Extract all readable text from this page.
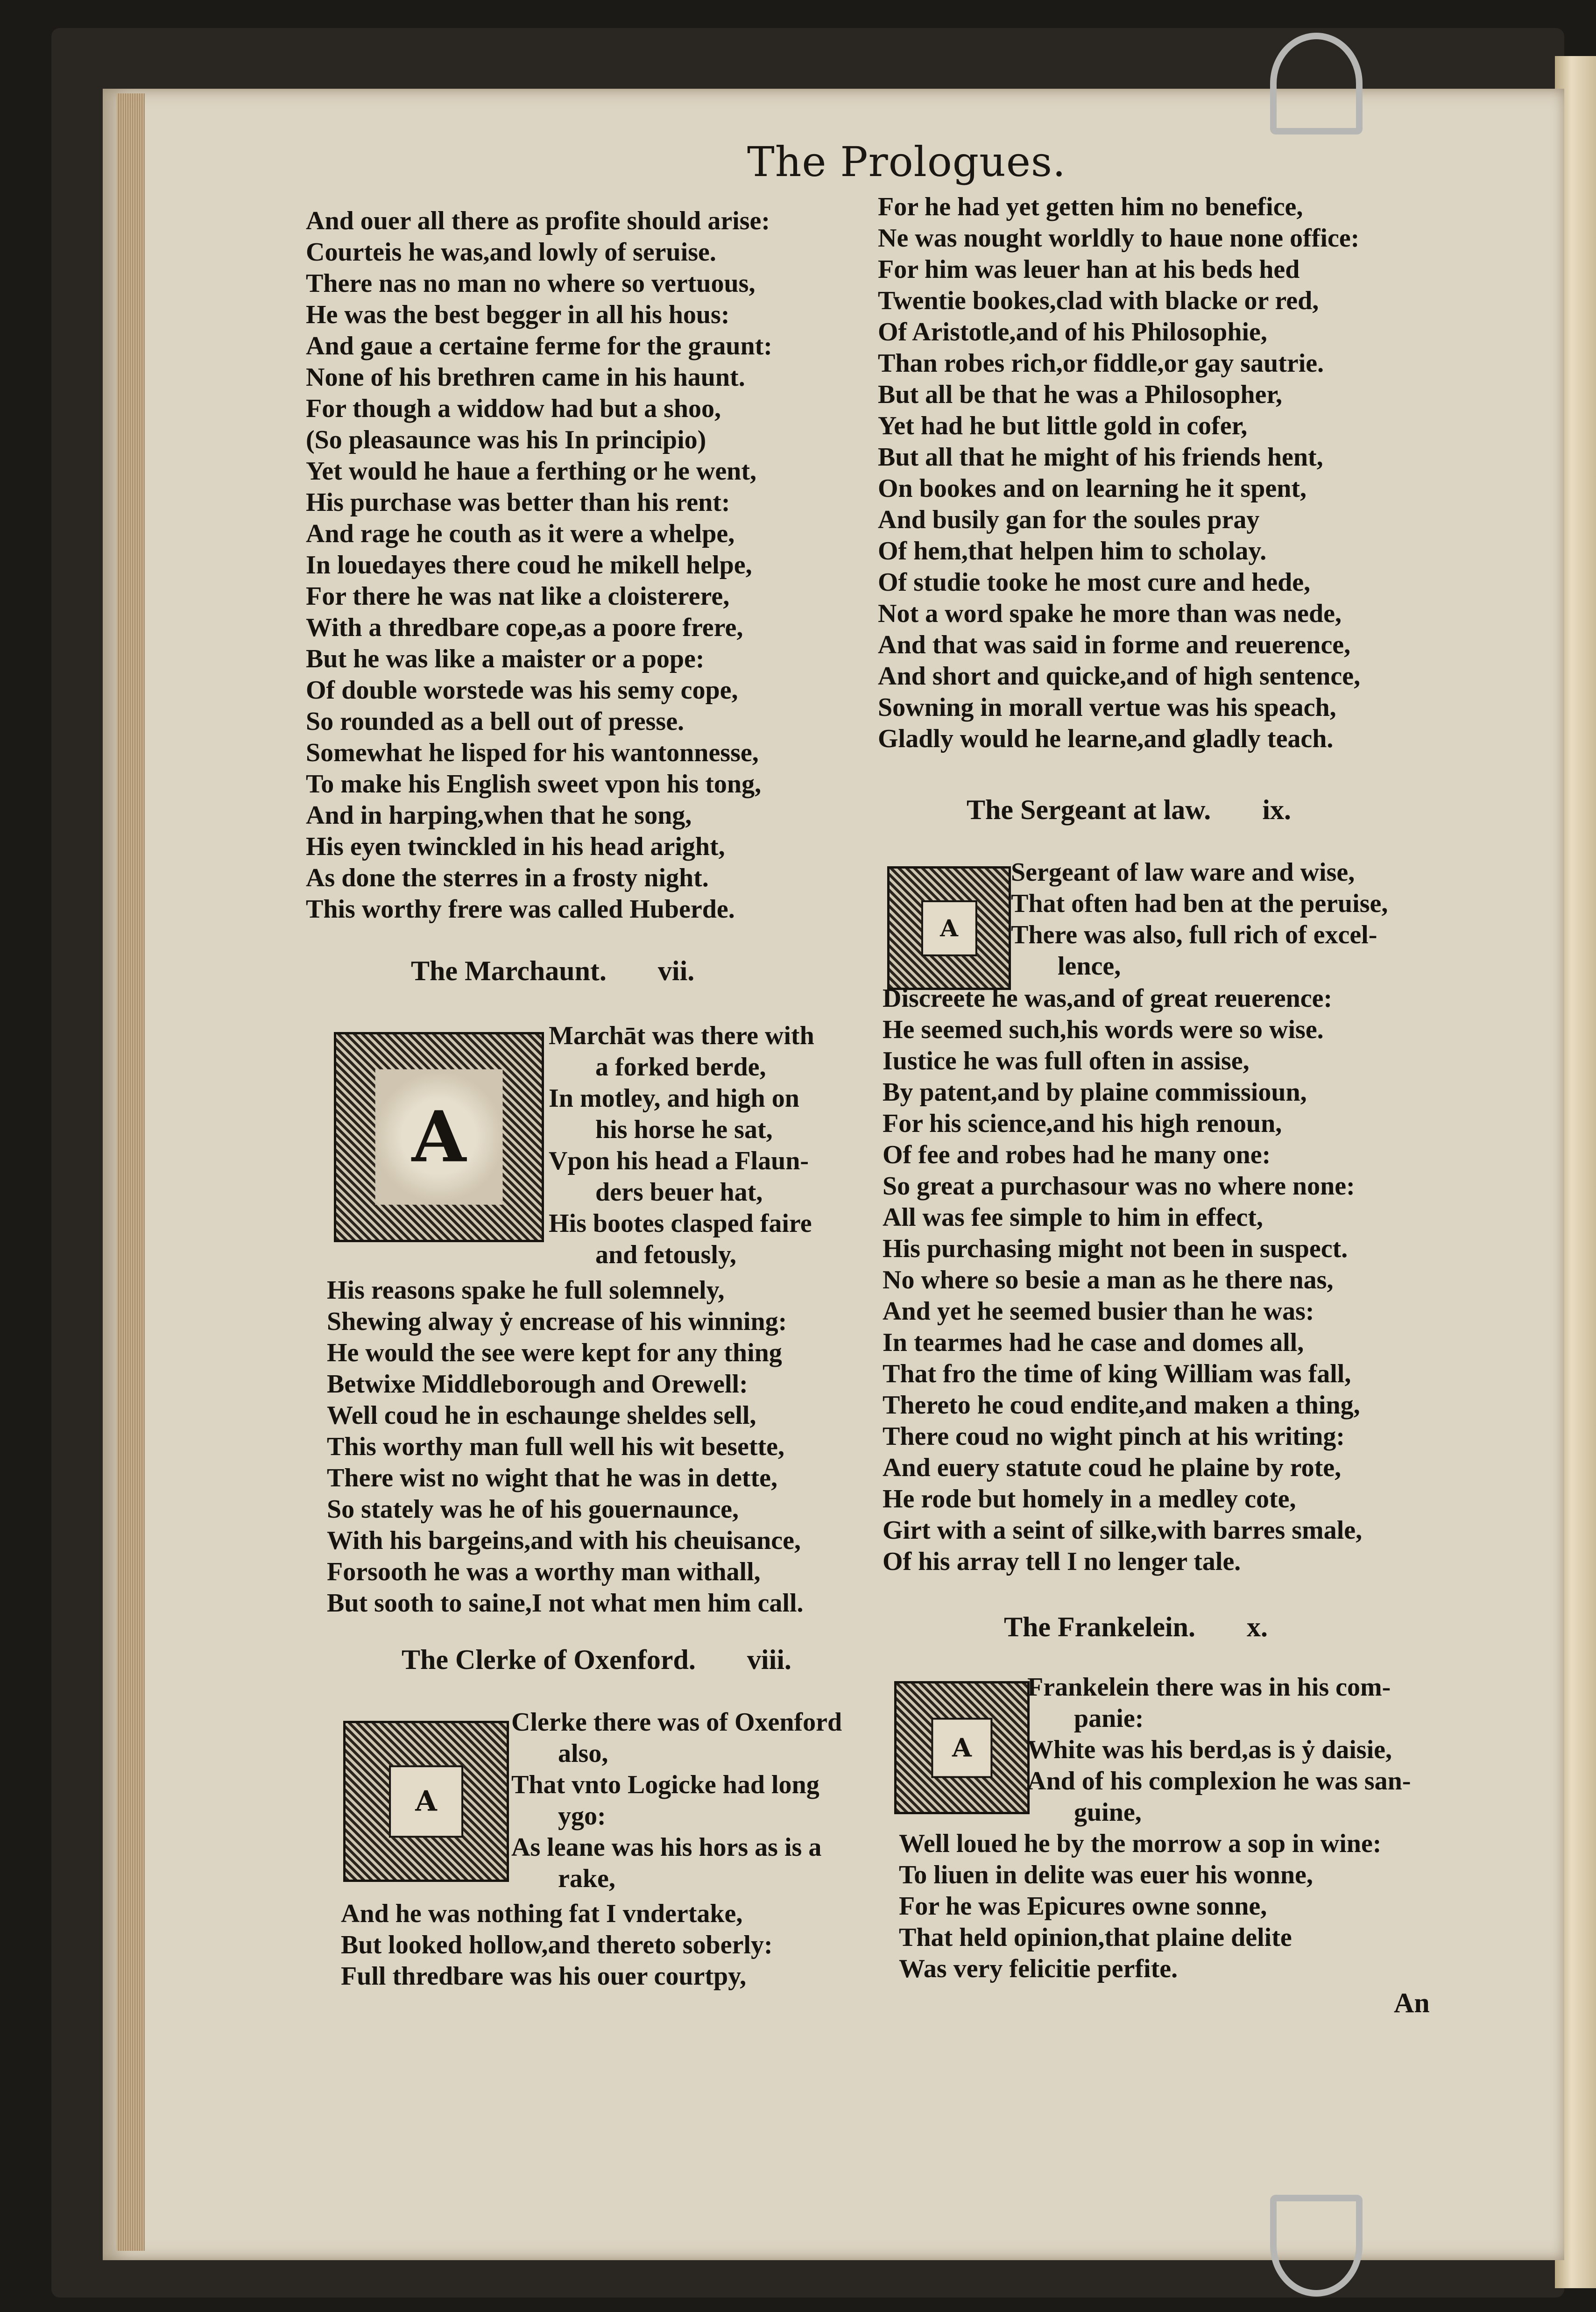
The Prologues.
And ouer all there as profite should arise:
Courteis he was,and lowly of seruise.
There nas no man no where so vertuous,
He was the best begger in all his hous:
And gaue a certaine ferme for the graunt:
None of his brethren came in his haunt.
For though a widdow had but a shoo,
(So pleasaunce was his In principio)
Yet would he haue a ferthing or he went,
His purchase was better than his rent:
And rage he couth as it were a whelpe,
In louedayes there coud he mikell helpe,
For there he was nat like a cloisterere,
With a thredbare cope,as a poore frere,
But he was like a maister or a pope:
Of double worstede was his semy cope,
So rounded as a bell out of presse.
Somewhat he lisped for his wantonnesse,
To make his English sweet vpon his tong,
And in harping,when that he song,
His eyen twinckled in his head aright,
As done the sterres in a frosty night.
This worthy frere was called Huberde.
The Marchaunt. vii.
A
Marchāt was there with
a forked berde,
In motley, and high on
his horse he sat,
Vpon his head a Flaun-
ders beuer hat,
His bootes clasped faire
and fetously,
His reasons spake he full solemnely,
Shewing alway ẏ encrease of his winning:
He would the see were kept for any thing
Betwixe Middleborough and Orewell:
Well coud he in eschaunge sheldes sell,
This worthy man full well his wit besette,
There wist no wight that he was in dette,
So stately was he of his gouernaunce,
With his bargeins,and with his cheuisance,
Forsooth he was a worthy man withall,
But sooth to saine,I not what men him call.
The Clerke of Oxenford. viii.
A
Clerke there was of Oxenford
also,
That vnto Logicke had long
ygo:
As leane was his hors as is a
rake,
And he was nothing fat I vndertake,
But looked hollow,and thereto soberly:
Full thredbare was his ouer courtpy,
For he had yet getten him no benefice,
Ne was nought worldly to haue none office:
For him was leuer han at his beds hed
Twentie bookes,clad with blacke or red,
Of Aristotle,and of his Philosophie,
Than robes rich,or fiddle,or gay sautrie.
But all be that he was a Philosopher,
Yet had he but little gold in cofer,
But all that he might of his friends hent,
On bookes and on learning he it spent,
And busily gan for the soules pray
Of hem,that helpen him to scholay.
Of studie tooke he most cure and hede,
Not a word spake he more than was nede,
And that was said in forme and reuerence,
And short and quicke,and of high sentence,
Sowning in morall vertue was his speach,
Gladly would he learne,and gladly teach.
The Sergeant at law. ix.
A
Sergeant of law ware and wise,
That often had ben at the peruise,
There was also, full rich of excel-
lence,
Discreete he was,and of great reuerence:
He seemed such,his words were so wise.
Iustice he was full often in assise,
By patent,and by plaine commissioun,
For his science,and his high renoun,
Of fee and robes had he many one:
So great a purchasour was no where none:
All was fee simple to him in effect,
His purchasing might not been in suspect.
No where so besie a man as he there nas,
And yet he seemed busier than he was:
In tearmes had he case and domes all,
That fro the time of king William was fall,
Thereto he coud endite,and maken a thing,
There coud no wight pinch at his writing:
And euery statute coud he plaine by rote,
He rode but homely in a medley cote,
Girt with a seint of silke,with barres smale,
Of his array tell I no lenger tale.
The Frankelein. x.
A
Frankelein there was in his com-
panie:
White was his berd,as is ẏ daisie,
And of his complexion he was san-
guine,
Well loued he by the morrow a sop in wine:
To liuen in delite was euer his wonne,
For he was Epicures owne sonne,
That held opinion,that plaine delite
Was very felicitie perfite.
An
